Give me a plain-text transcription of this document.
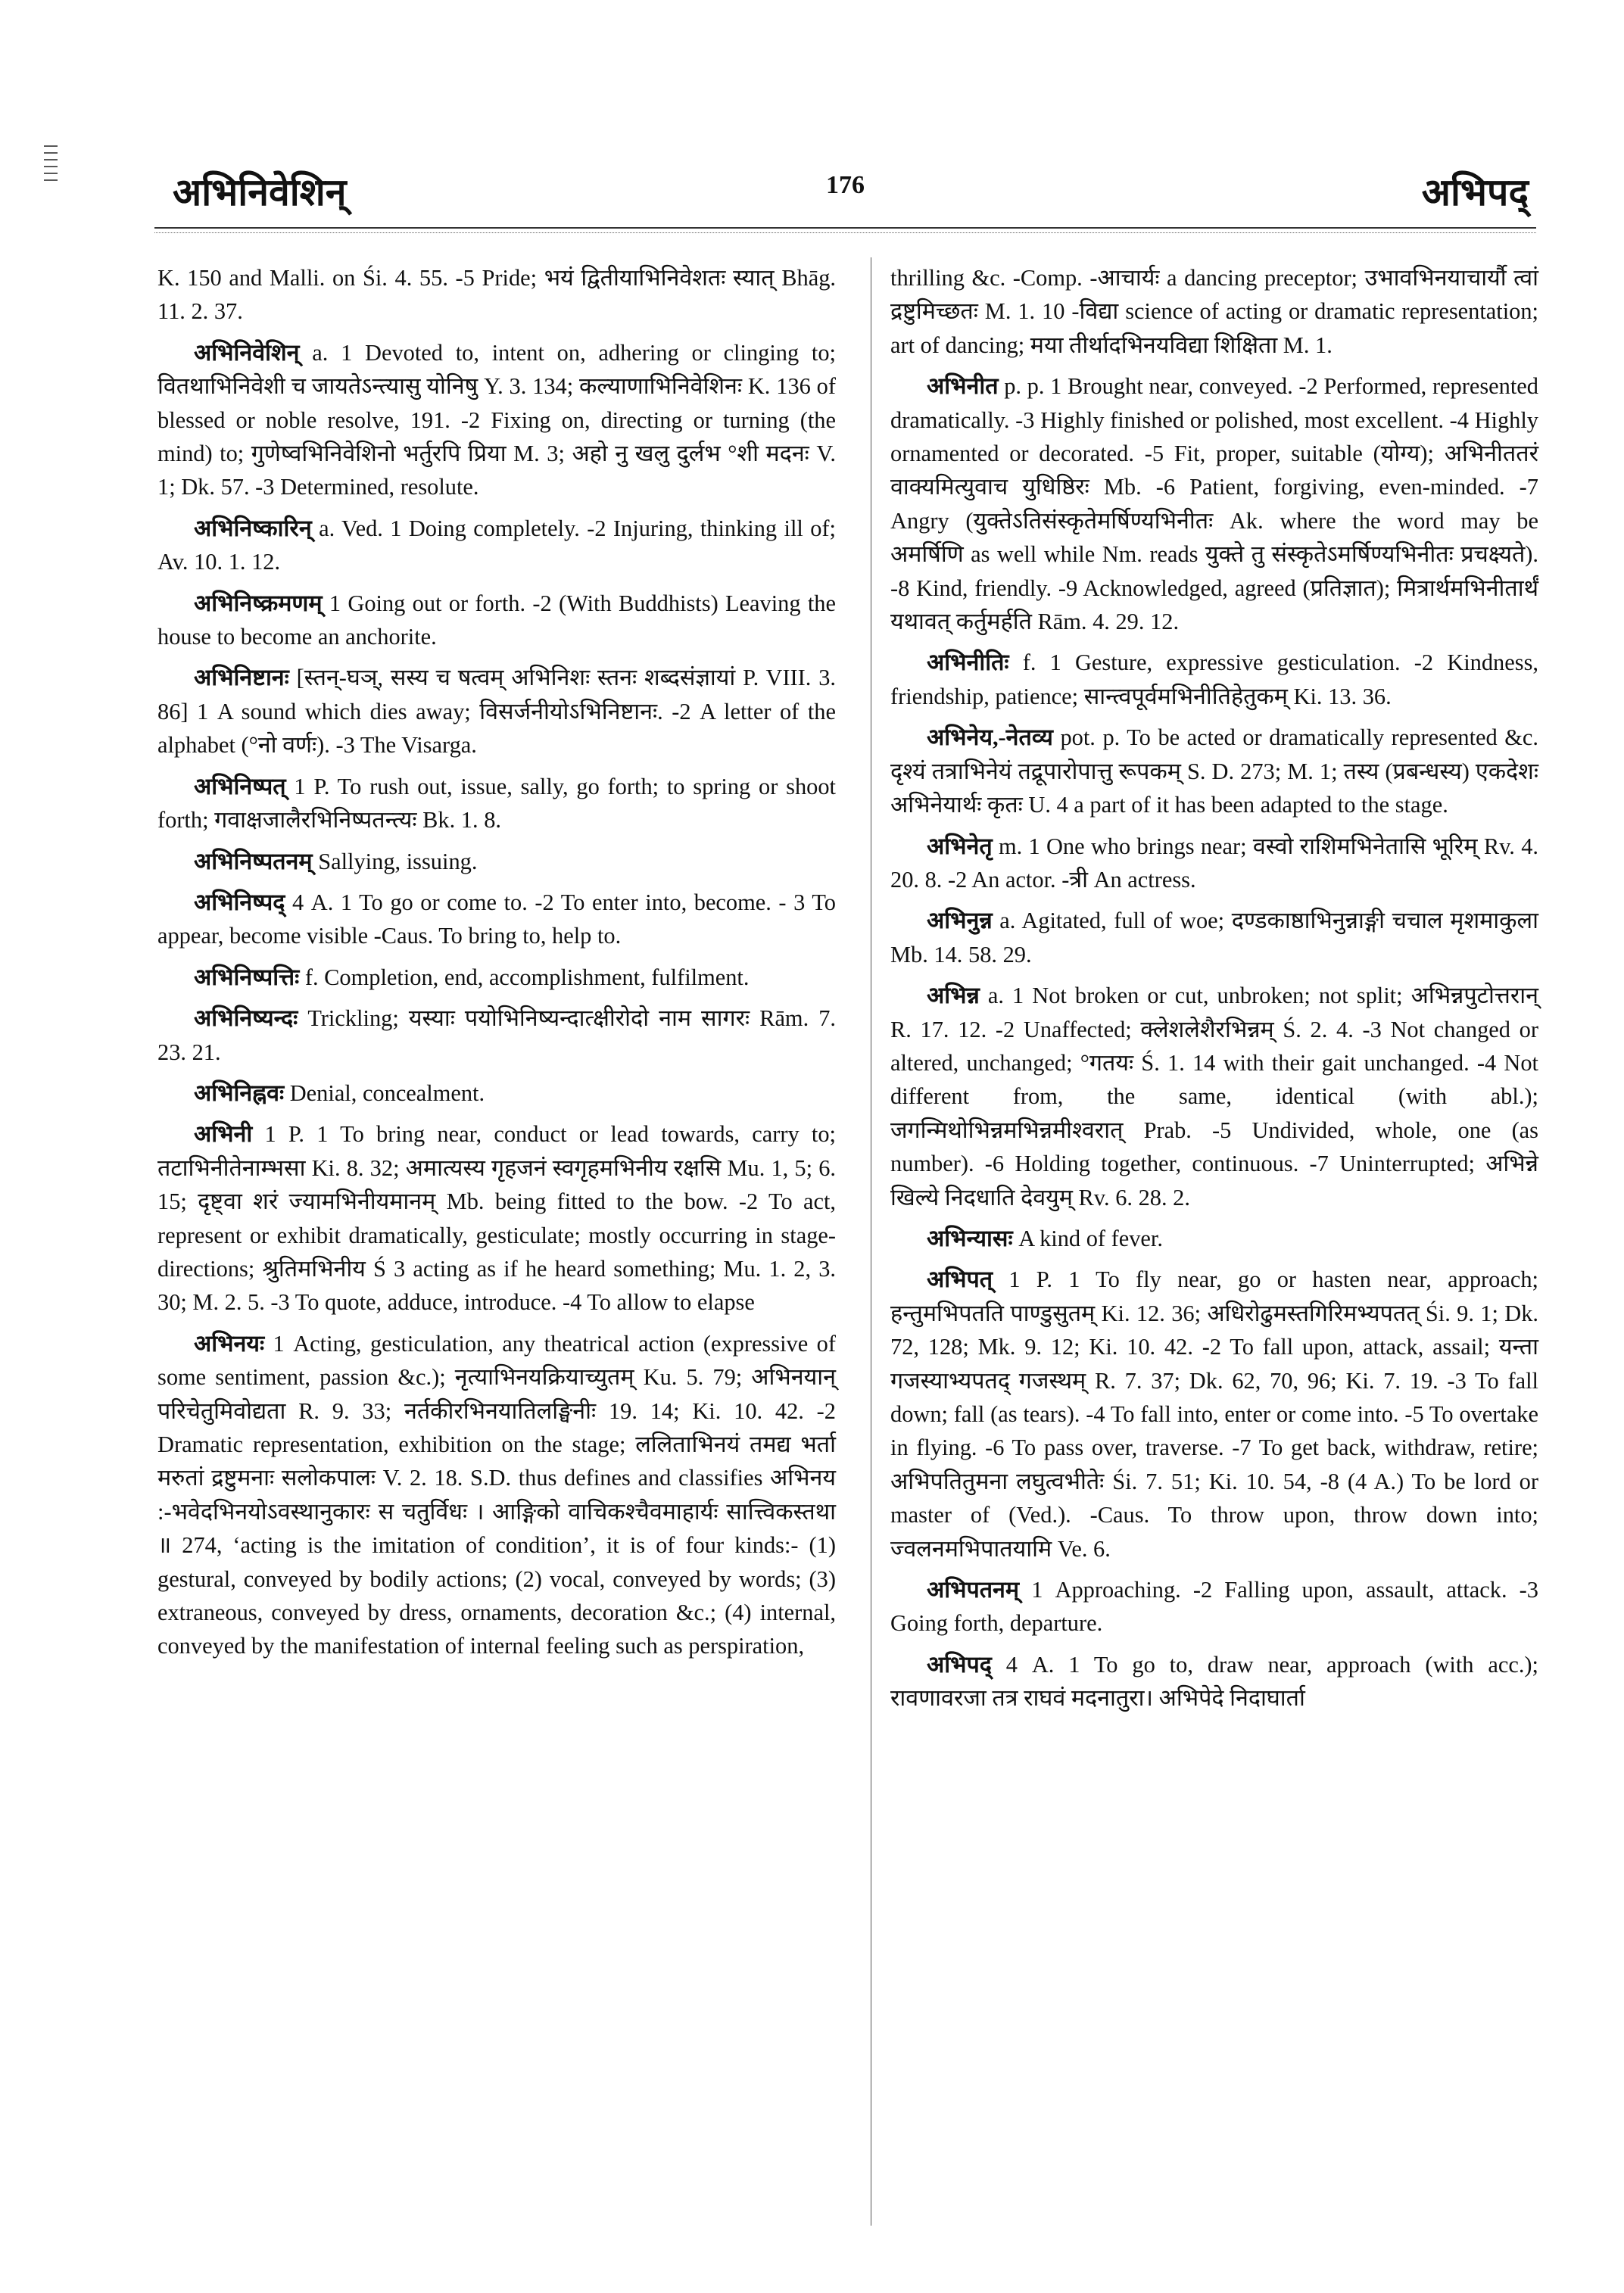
अभिनिवेशिन्	176	अभिपद्

K. 150 and Malli. on Śi. 4. 55. -5 Pride; भयं द्वितीयाभिनिवेशतः स्यात् Bhāg. 11. 2. 37.

अभिनिवेशिन् a. 1 Devoted to, intent on, adhering or clinging to; वितथाभिनिवेशी च जायतेऽन्त्यासु योनिषु Y. 3. 134; कल्याणाभिनिवेशिनः K. 136 of blessed or noble resolve, 191. -2 Fixing on, directing or turning (the mind) to; गुणेष्वभिनिवेशिनो भर्तुरपि प्रिया M. 3; अहो नु खलु दुर्लभ °शी मदनः V. 1; Dk. 57. -3 Determined, resolute.

अभिनिष्कारिन् a. Ved. 1 Doing completely. -2 Injuring, thinking ill of; Av. 10. 1. 12.

अभिनिष्क्रमणम् 1 Going out or forth. -2 (With Buddhists) Leaving the house to become an anchorite.

अभिनिष्टानः [स्तन्-घञ्, सस्य च षत्वम् अभिनिशः स्तनः शब्दसंज्ञायां P. VIII. 3. 86] 1 A sound which dies away; विसर्जनीयोऽभिनिष्टानः. -2 A letter of the alphabet (°नो वर्णः). -3 The Visarga.

अभिनिष्पत् 1 P. To rush out, issue, sally, go forth; to spring or shoot forth; गवाक्षजालैरभिनिष्पतन्त्यः Bk. 1. 8.

अभिनिष्पतनम् Sallying, issuing.

अभिनिष्पद् 4 A. 1 To go or come to. -2 To enter into, become. - 3 To appear, become visible -Caus. To bring to, help to.

अभिनिष्पत्तिः f. Completion, end, accomplishment, fulfilment.

अभिनिष्यन्दः Trickling; यस्याः पयोभिनिष्यन्दात्क्षीरोदो नाम सागरः Rām. 7. 23. 21.

अभिनिह्नवः Denial, concealment.

अभिनी 1 P. 1 To bring near, conduct or lead towards, carry to; तटाभिनीतेनाम्भसा Ki. 8. 32; अमात्यस्य गृहजनं स्वगृहमभिनीय रक्षसि Mu. 1, 5; 6. 15; दृष्ट्वा शरं ज्यामभिनीयमानम् Mb. being fitted to the bow. -2 To act, represent or exhibit dramatically, gesticulate; mostly occurring in stage-directions; श्रुतिमभिनीय Ś 3 acting as if he heard something; Mu. 1. 2, 3. 30; M. 2. 5. -3 To quote, adduce, introduce. -4 To allow to elapse

अभिनयः 1 Acting, gesticulation, any theatrical action (expressive of some sentiment, passion &c.); नृत्याभिनयक्रियाच्युतम् Ku. 5. 79; अभिनयान् परिचेतुमिवोद्यता R. 9. 33; नर्तकीरभिनयातिलङ्घिनीः 19. 14; Ki. 10. 42. -2 Dramatic representation, exhibition on the stage; ललिताभिनयं तमद्य भर्ता मरुतां द्रष्टुमनाः सलोकपालः V. 2. 18. S.D. thus defines and classifies अभिनय :-भवेदभिनयोऽवस्थानुकारः स चतुर्विधः । आङ्गिको वाचिकश्चैवमाहार्यः सात्त्विकस्तथा ॥ 274, ‘acting is the imitation of condition’, it is of four kinds:- (1) gestural, conveyed by bodily actions; (2) vocal, conveyed by words; (3) extraneous, conveyed by dress, ornaments, decoration &c.; (4) internal, conveyed by the manifestation of internal feeling such as perspiration,

thrilling &c. -Comp. -आचार्यः a dancing preceptor; उभावभिनयाचार्यौ त्वां द्रष्टुमिच्छतः M. 1. 10 -विद्या science of acting or dramatic representation; art of dancing; मया तीर्थादभिनयविद्या शिक्षिता M. 1.

अभिनीत p. p. 1 Brought near, conveyed. -2 Performed, represented dramatically. -3 Highly finished or polished, most excellent. -4 Highly ornamented or decorated. -5 Fit, proper, suitable (योग्य); अभिनीततरं वाक्यमित्युवाच युधिष्ठिरः Mb. -6 Patient, forgiving, even-minded. -7 Angry (युक्तेऽतिसंस्कृतेमर्षिण्यभिनीतः Ak. where the word may be अमर्षिणि as well while Nm. reads युक्ते तु संस्कृतेऽमर्षिण्यभिनीतः प्रचक्ष्यते). -8 Kind, friendly. -9 Acknowledged, agreed (प्रतिज्ञात); मित्रार्थमभिनीतार्थं यथावत् कर्तुमर्हति Rām. 4. 29. 12.

अभिनीतिः f. 1 Gesture, expressive gesticulation. -2 Kindness, friendship, patience; सान्त्वपूर्वमभिनीतिहेतुकम् Ki. 13. 36.

अभिनेय,-नेतव्य pot. p. To be acted or dramatically represented &c. दृश्यं तत्राभिनेयं तद्रूपारोपात्तु रूपकम् S. D. 273; M. 1; तस्य (प्रबन्धस्य) एकदेशः अभिनेयार्थः कृतः U. 4 a part of it has been adapted to the stage.

अभिनेतृ m. 1 One who brings near; वस्वो राशिमभिनेतासि भूरिम् Rv. 4. 20. 8. -2 An actor. -त्री An actress.

अभिनुन्न a. Agitated, full of woe; दण्डकाष्ठाभिनुन्नाङ्गी चचाल मृशमाकुला Mb. 14. 58. 29.

अभिन्न a. 1 Not broken or cut, unbroken; not split; अभिन्नपुटोत्तरान् R. 17. 12. -2 Unaffected; क्लेशलेशैरभिन्नम् Ś. 2. 4. -3 Not changed or altered, unchanged; °गतयः Ś. 1. 14 with their gait unchanged. -4 Not different from, the same, identical (with abl.); जगन्मिथोभिन्नमभिन्नमीश्वरात् Prab. -5 Undivided, whole, one (as number). -6 Holding together, continuous. -7 Uninterrupted; अभिन्ने खिल्ये निदधाति देवयुम् Rv. 6. 28. 2.

अभिन्यासः A kind of fever.

अभिपत् 1 P. 1 To fly near, go or hasten near, approach; हन्तुमभिपतति पाण्डुसुतम् Ki. 12. 36; अधिरोढुमस्तगिरिमभ्यपतत् Śi. 9. 1; Dk. 72, 128; Mk. 9. 12; Ki. 10. 42. -2 To fall upon, attack, assail; यन्ता गजस्याभ्यपतद् गजस्थम् R. 7. 37; Dk. 62, 70, 96; Ki. 7. 19. -3 To fall down; fall (as tears). -4 To fall into, enter or come into. -5 To overtake in flying. -6 To pass over, traverse. -7 To get back, withdraw, retire; अभिपतितुमना लघुत्वभीतेः Śi. 7. 51; Ki. 10. 54, -8 (4 A.) To be lord or master of (Ved.). -Caus. To throw upon, throw down into; ज्वलनमभिपातयामि Ve. 6.

अभिपतनम् 1 Approaching. -2 Falling upon, assault, attack. -3 Going forth, departure.

अभिपद् 4 A. 1 To go to, draw near, approach (with acc.); रावणावरजा तत्र राघवं मदनातुरा। अभिपेदे निदाघार्ता
